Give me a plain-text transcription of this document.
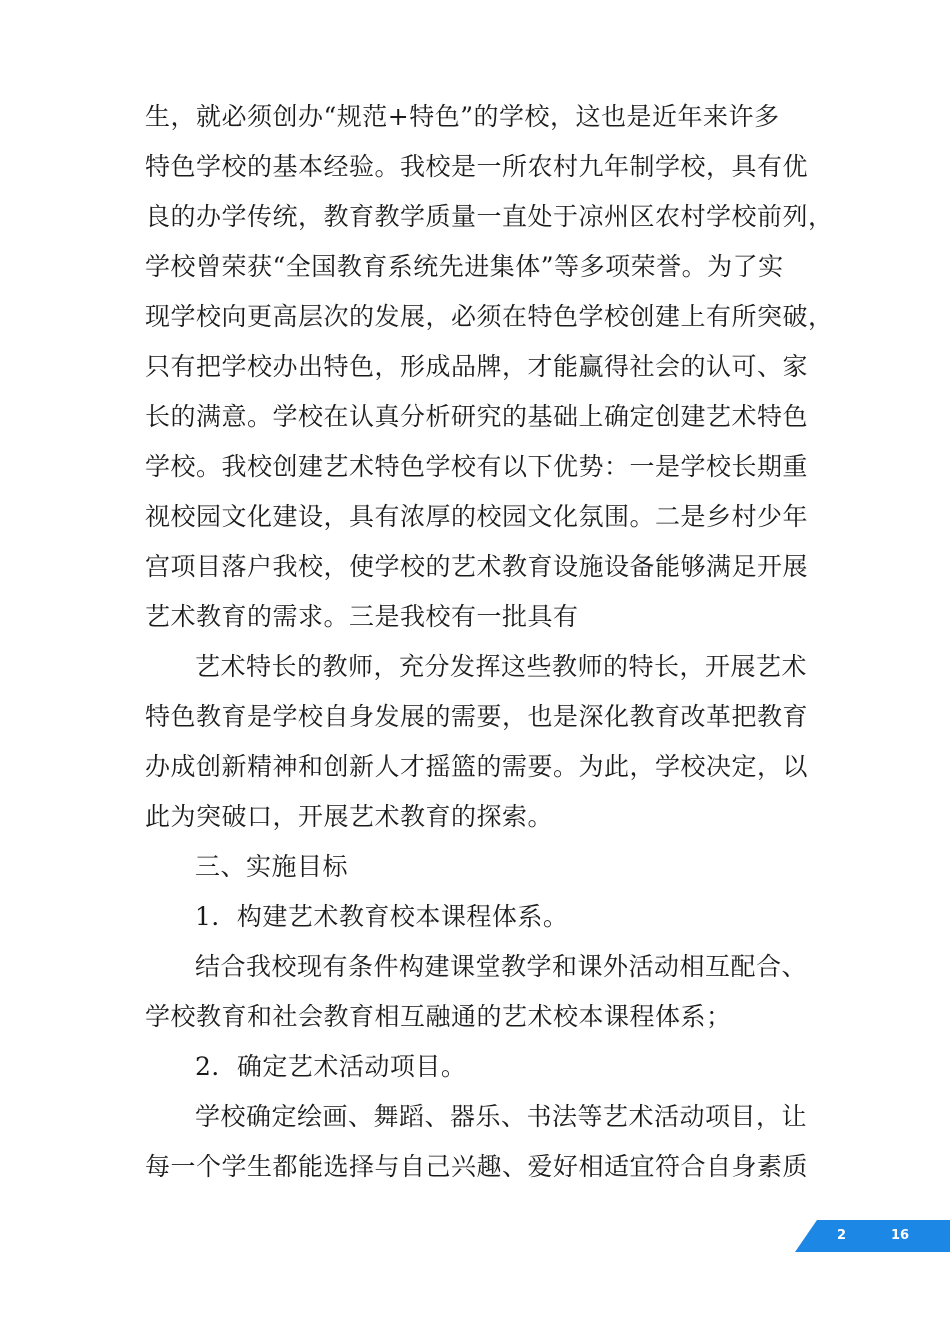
生，就必须创办“规范+特色”的学校，这也是近年来许多
特色学校的基本经验。我校是一所农村九年制学校，具有优
良的办学传统，教育教学质量一直处于凉州区农村学校前列，
学校曾荣获“全国教育系统先进集体”等多项荣誉。为了实
现学校向更高层次的发展，必须在特色学校创建上有所突破，
只有把学校办出特色，形成品牌，才能赢得社会的认可、家
长的满意。学校在认真分析研究的基础上确定创建艺术特色
学校。我校创建艺术特色学校有以下优势：一是学校长期重
视校园文化建设，具有浓厚的校园文化氛围。二是乡村少年
宫项目落户我校，使学校的艺术教育设施设备能够满足开展
艺术教育的需求。三是我校有一批具有
艺术特长的教师，充分发挥这些教师的特长，开展艺术
特色教育是学校自身发展的需要，也是深化教育改革把教育
办成创新精神和创新人才摇篮的需要。为此，学校决定，以
此为突破口，开展艺术教育的探索。
三、实施目标
1．构建艺术教育校本课程体系。
结合我校现有条件构建课堂教学和课外活动相互配合、
学校教育和社会教育相互融通的艺术校本课程体系；
2．确定艺术活动项目。
学校确定绘画、舞蹈、器乐、书法等艺术活动项目，让
每一个学生都能选择与自己兴趣、爱好相适宜符合自身素质
2	16
